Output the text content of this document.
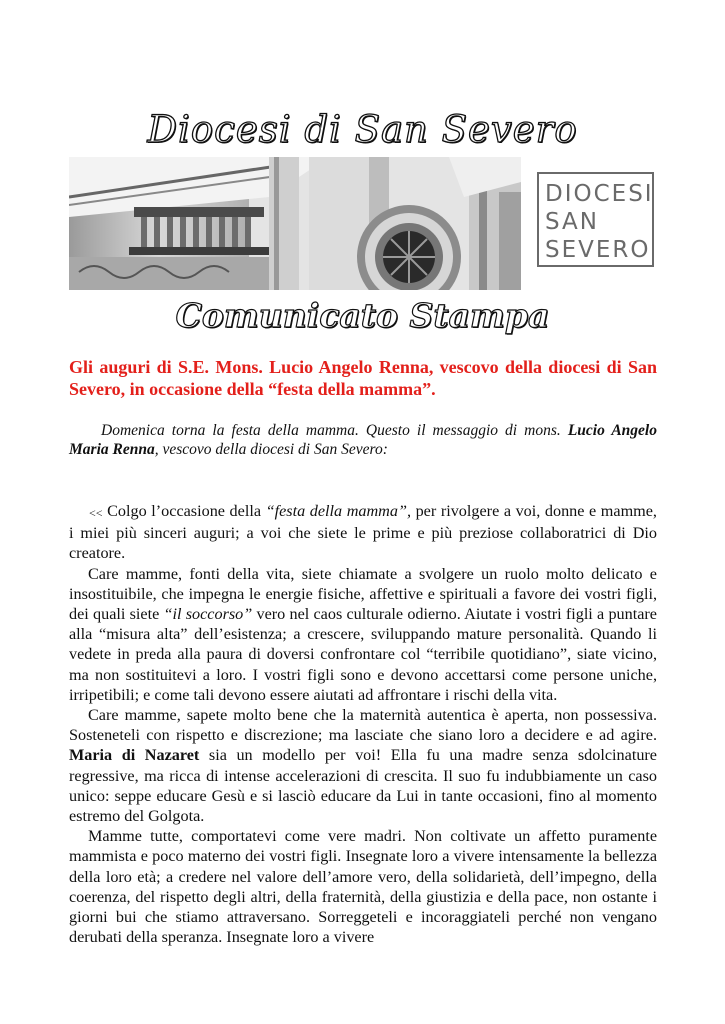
Diocesi di San Severo
DIOCESI
SAN
SEVERO
Comunicato Stampa
Gli auguri di S.E. Mons. Lucio Angelo Renna, vescovo della diocesi di San Severo, in occasione della “festa della mamma”.
Domenica torna la festa della mamma. Questo il messaggio di mons. Lucio Angelo Maria Renna, vescovo della diocesi di San Severo:

<< Colgo l’occasione della “festa della mamma”, per rivolgere a voi, donne e mamme, i miei più sinceri auguri; a voi che siete le prime e più preziose collaboratrici di Dio creatore.

Care mamme, fonti della vita, siete chiamate a svolgere un ruolo molto delicato e insostituibile, che impegna le energie fisiche, affettive e spirituali a favore dei vostri figli, dei quali siete “il soccorso” vero nel caos culturale odierno. Aiutate i vostri figli a puntare alla “misura alta” dell’esistenza; a crescere, sviluppando mature personalità. Quando li vedete in preda alla paura di doversi confrontare col “terribile quotidiano”, siate vicino, ma non sostituitevi a loro. I vostri figli sono e devono accettarsi come persone uniche, irripetibili; e come tali devono essere aiutati ad affrontare i rischi della vita.

Care mamme, sapete molto bene che la maternità autentica è aperta, non possessiva. Sosteneteli con rispetto e discrezione; ma lasciate che siano loro a decidere e ad agire. Maria di Nazaret sia un modello per voi! Ella fu una madre senza sdolcinature regressive, ma ricca di intense accelerazioni di crescita. Il suo fu indubbiamente un caso unico: seppe educare Gesù e si lasciò educare da Lui in tante occasioni, fino al momento estremo del Golgota.

Mamme tutte, comportatevi come vere madri. Non coltivate un affetto puramente mammista e poco materno dei vostri figli. Insegnate loro a vivere intensamente la bellezza della loro età; a credere nel valore dell’amore vero, della solidarietà, dell’impegno, della coerenza, del rispetto degli altri, della fraternità, della giustizia e della pace, non ostante i giorni bui che stiamo attraversano. Sorreggeteli e incoraggiateli perché non vengano derubati della speranza. Insegnate loro a vivere
